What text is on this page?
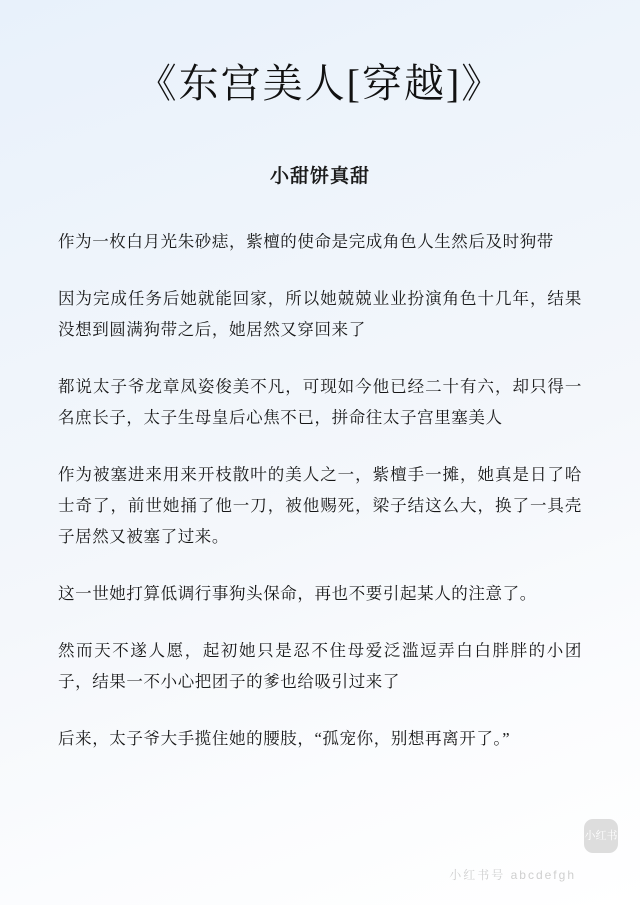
《东宫美人[穿越]》
小甜饼真甜

作为一枚白月光朱砂痣，紫檀的使命是完成角色人生然后及时狗带

因为完成任务后她就能回家，所以她兢兢业业扮演角色十几年，结果没想到圆满狗带之后，她居然又穿回来了

都说太子爷龙章凤姿俊美不凡，可现如今他已经二十有六，却只得一名庶长子，太子生母皇后心焦不已，拼命往太子宫里塞美人

作为被塞进来用来开枝散叶的美人之一，紫檀手一摊，她真是日了哈士奇了，前世她捅了他一刀，被他赐死，梁子结这么大，换了一具壳子居然又被塞了过来。

这一世她打算低调行事狗头保命，再也不要引起某人的注意了。

然而天不遂人愿，起初她只是忍不住母爱泛滥逗弄白白胖胖的小团子，结果一不小心把团子的爹也给吸引过来了

后来，太子爷大手揽住她的腰肢，“孤宠你，别想再离开了。”

小红书
小红书号 abcdefgh
